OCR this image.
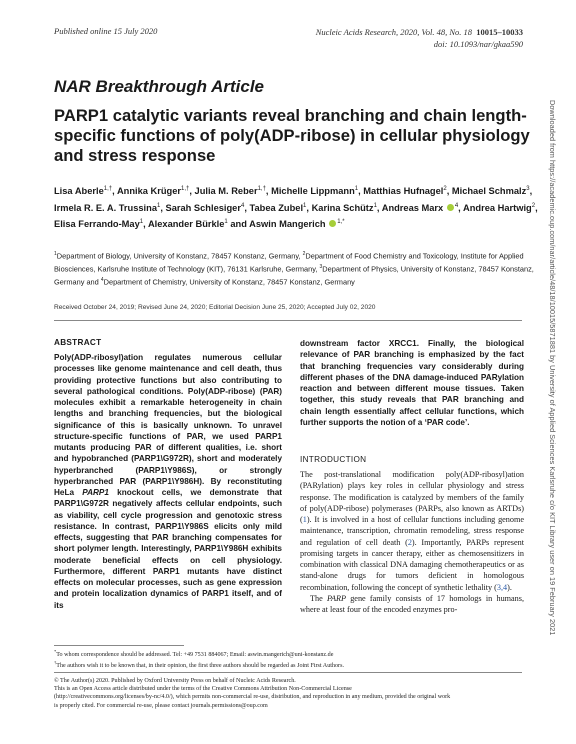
Published online 15 July 2020	Nucleic Acids Research, 2020, Vol. 48, No. 18 10015–10033
doi: 10.1093/nar/gkaa590
Downloaded from https://academic.oup.com/nar/article/48/18/10015/5871881 by University of Applied Sciences Karlsruhe c/o KIT Library user on 19 February 2021
NAR Breakthrough Article
PARP1 catalytic variants reveal branching and chain length-specific functions of poly(ADP-ribose) in cellular physiology and stress response
Lisa Aberle$^{1,\dagger}$, Annika Krüger$^{1,\dagger}$, Julia M. Reber$^{1,\dagger}$, Michelle Lippmann$^1$, Matthias Hufnagel$^2$, Michael Schmalz$^3$, Irmela R. E. A. Trussina$^1$, Sarah Schlesiger$^4$, Tabea Zubel$^1$, Karina Schütz$^1$, Andreas Marx $^4$, Andrea Hartwig$^2$, Elisa Ferrando-May$^1$, Alexander Bürkle$^1$ and Aswin Mangerich $^{1,*}$
$^1$Department of Biology, University of Konstanz, 78457 Konstanz, Germany, $^2$Department of Food Chemistry and Toxicology, Institute for Applied Biosciences, Karlsruhe Institute of Technology (KIT), 76131 Karlsruhe, Germany, $^3$Department of Physics, University of Konstanz, 78457 Konstanz, Germany and $^4$Department of Chemistry, University of Konstanz, 78457 Konstanz, Germany
Received October 24, 2019; Revised June 24, 2020; Editorial Decision June 25, 2020; Accepted July 02, 2020
ABSTRACT
Poly(ADP-ribosyl)ation regulates numerous cellular processes like genome maintenance and cell death, thus providing protective functions but also contributing to several pathological conditions. Poly(ADP-ribose) (PAR) molecules exhibit a remarkable heterogeneity in chain lengths and branching frequencies, but the biological significance of this is basically unknown. To unravel structure-specific functions of PAR, we used PARP1 mutants producing PAR of different qualities, i.e. short and hypobranched (PARP1\G972R), short and moderately hyperbranched (PARP1\Y986S), or strongly hyperbranched PAR (PARP1\Y986H). By reconstituting HeLa PARP1 knockout cells, we demonstrate that PARP1\G972R negatively affects cellular endpoints, such as viability, cell cycle progression and genotoxic stress resistance. In contrast, PARP1\Y986S elicits only mild effects, suggesting that PAR branching compensates for short polymer length. Interestingly, PARP1\Y986H exhibits moderate beneficial effects on cell physiology. Furthermore, different PARP1 mutants have distinct effects on molecular processes, such as gene expression and protein localization dynamics of PARP1 itself, and of its
downstream factor XRCC1. Finally, the biological relevance of PAR branching is emphasized by the fact that branching frequencies vary considerably during different phases of the DNA damage-induced PARylation reaction and between different mouse tissues. Taken together, this study reveals that PAR branching and chain length essentially affect cellular functions, which further supports the notion of a ‘PAR code’.
INTRODUCTION

The post-translational modification poly(ADP-ribosyl)ation (PARylation) plays key roles in cellular physiology and stress response. The modification is catalyzed by members of the family of poly(ADP-ribose) polymerases (PARPs, also known as ARTDs) (1). It is involved in a host of cellular functions including genome maintenance, transcription, chromatin remodeling, stress response and regulation of cell death (2). Importantly, PARPs represent promising targets in cancer therapy, either as chemosensitizers in combination with classical DNA damaging chemotherapeutics or as stand-alone drugs for tumors deficient in homologous recombination, following the concept of synthetic lethality (3,4).

The PARP gene family consists of 17 homologs in humans, where at least four of the encoded enzymes pro-

*To whom correspondence should be addressed. Tel: +49 7531 884067; Email: aswin.mangerich@uni-konstanz.de

†The authors wish it to be known that, in their opinion, the first three authors should be regarded as Joint First Authors.

© The Author(s) 2020. Published by Oxford University Press on behalf of Nucleic Acids Research.

This is an Open Access article distributed under the terms of the Creative Commons Attribution Non-Commercial License

(http://creativecommons.org/licenses/by-nc/4.0/), which permits non-commercial re-use, distribution, and reproduction in any medium, provided the original work

is properly cited. For commercial re-use, please contact journals.permissions@oup.com
